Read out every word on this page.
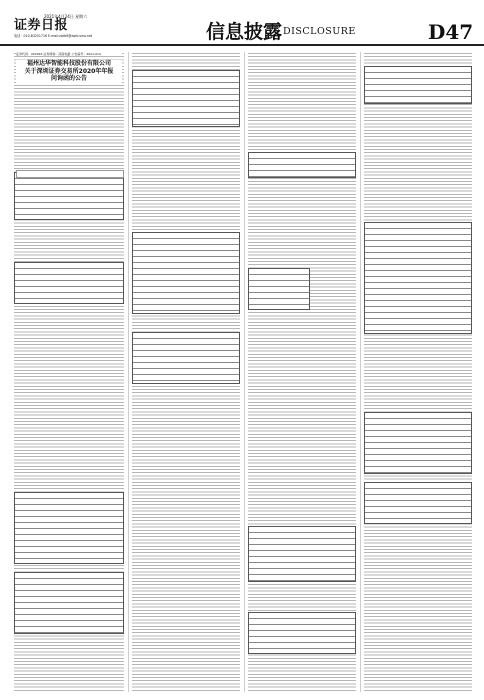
证券日报
2021年4月24日 星期六
电话：010-83251716 E-mail:zqrb9@zqrb.sina.net	信息披露 DISCLOSURE	D47
证券代码：002916 证券简称：深南电路 公告编号：2021-014
福州达华智能科技股份有限公司
关于深圳证券交易所2020年年报
问询函的公告
